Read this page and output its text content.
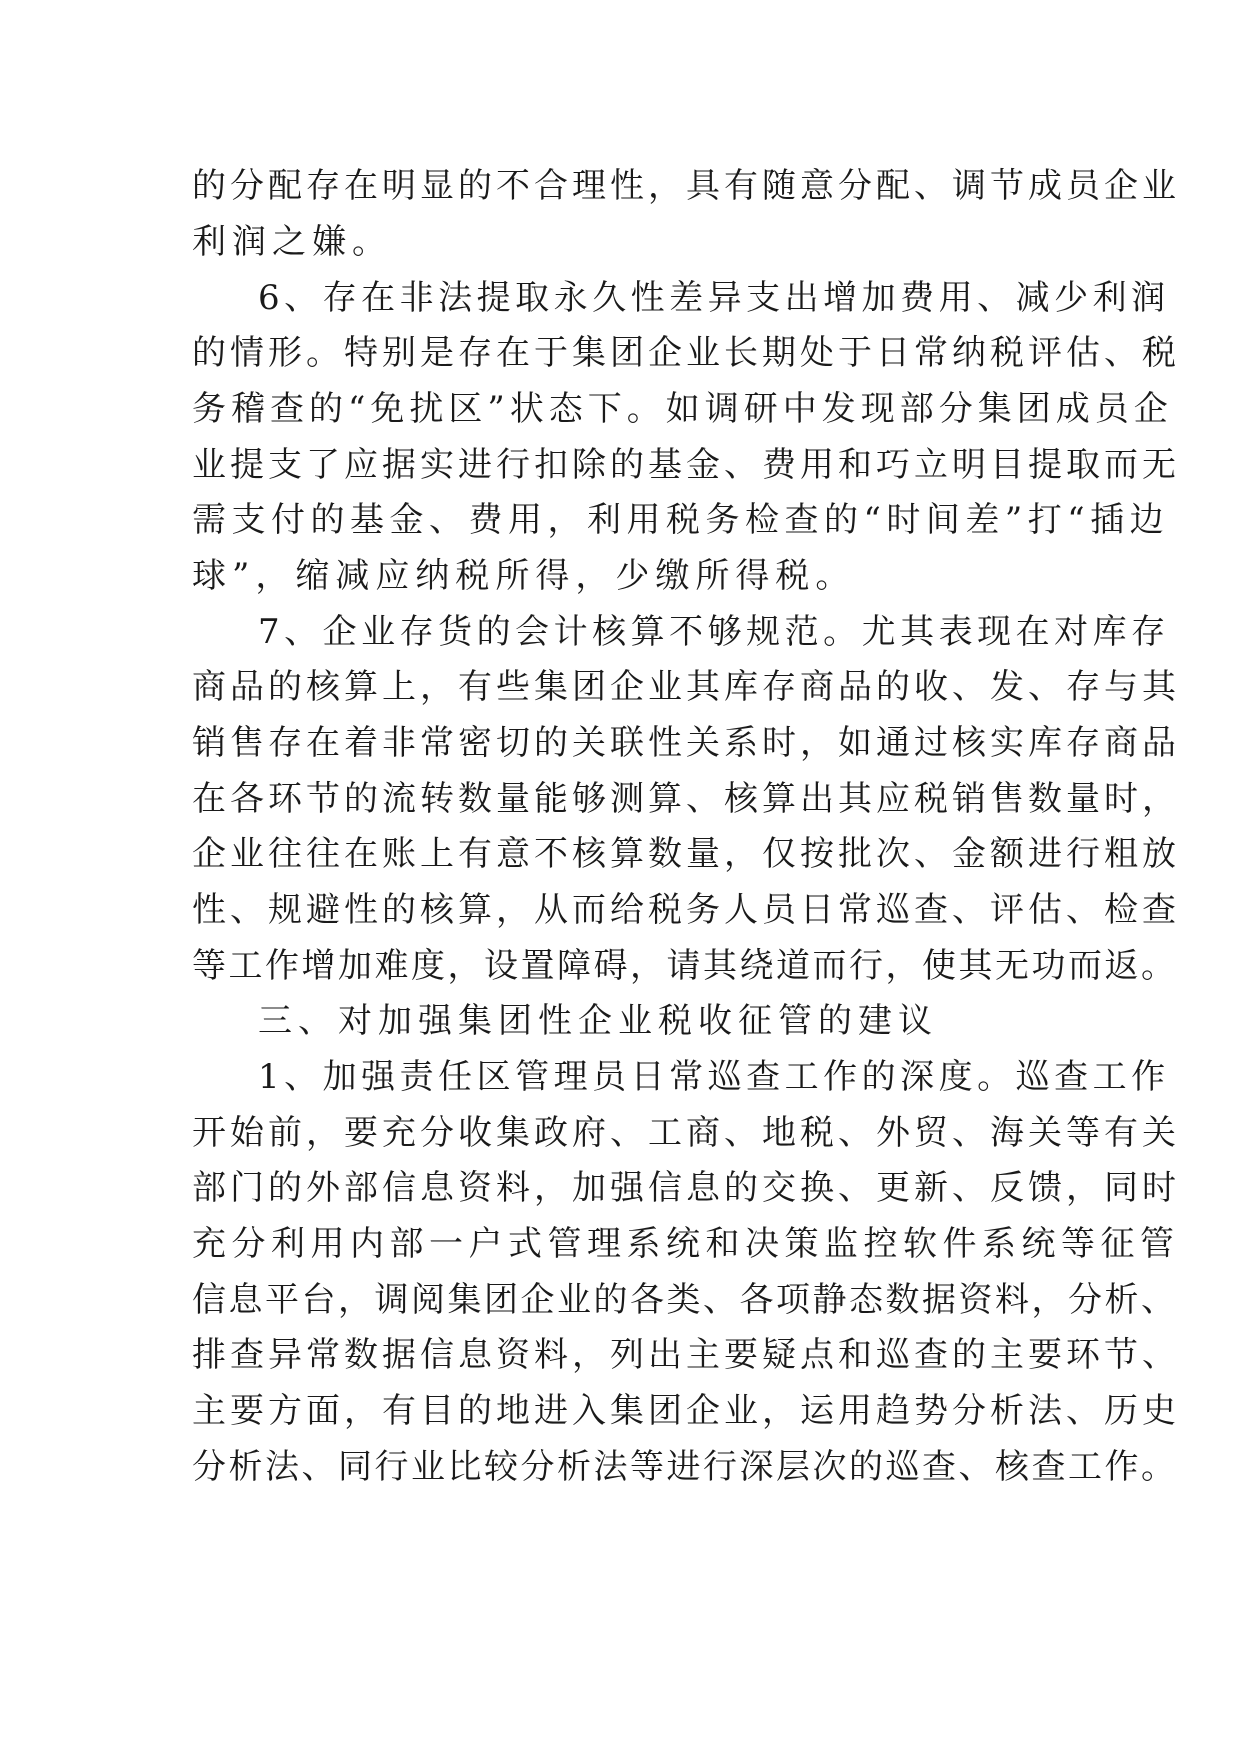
的分配存在明显的不合理性，具有随意分配、调节成员企业
利润之嫌。
6、存在非法提取永久性差异支出增加费用、减少利润
的情形。特别是存在于集团企业长期处于日常纳税评估、税
务稽查的“免扰区”状态下。如调研中发现部分集团成员企
业提支了应据实进行扣除的基金、费用和巧立明目提取而无
需支付的基金、费用，利用税务检查的“时间差”打“插边
球”，缩减应纳税所得，少缴所得税。
7、企业存货的会计核算不够规范。尤其表现在对库存
商品的核算上，有些集团企业其库存商品的收、发、存与其
销售存在着非常密切的关联性关系时，如通过核实库存商品
在各环节的流转数量能够测算、核算出其应税销售数量时，
企业往往在账上有意不核算数量，仅按批次、金额进行粗放
性、规避性的核算，从而给税务人员日常巡查、评估、检查
等工作增加难度，设置障碍，请其绕道而行，使其无功而返。
三、对加强集团性企业税收征管的建议
1、加强责任区管理员日常巡查工作的深度。巡查工作
开始前，要充分收集政府、工商、地税、外贸、海关等有关
部门的外部信息资料，加强信息的交换、更新、反馈，同时
充分利用内部一户式管理系统和决策监控软件系统等征管
信息平台，调阅集团企业的各类、各项静态数据资料，分析、
排查异常数据信息资料，列出主要疑点和巡查的主要环节、
主要方面，有目的地进入集团企业，运用趋势分析法、历史
分析法、同行业比较分析法等进行深层次的巡查、核查工作。
